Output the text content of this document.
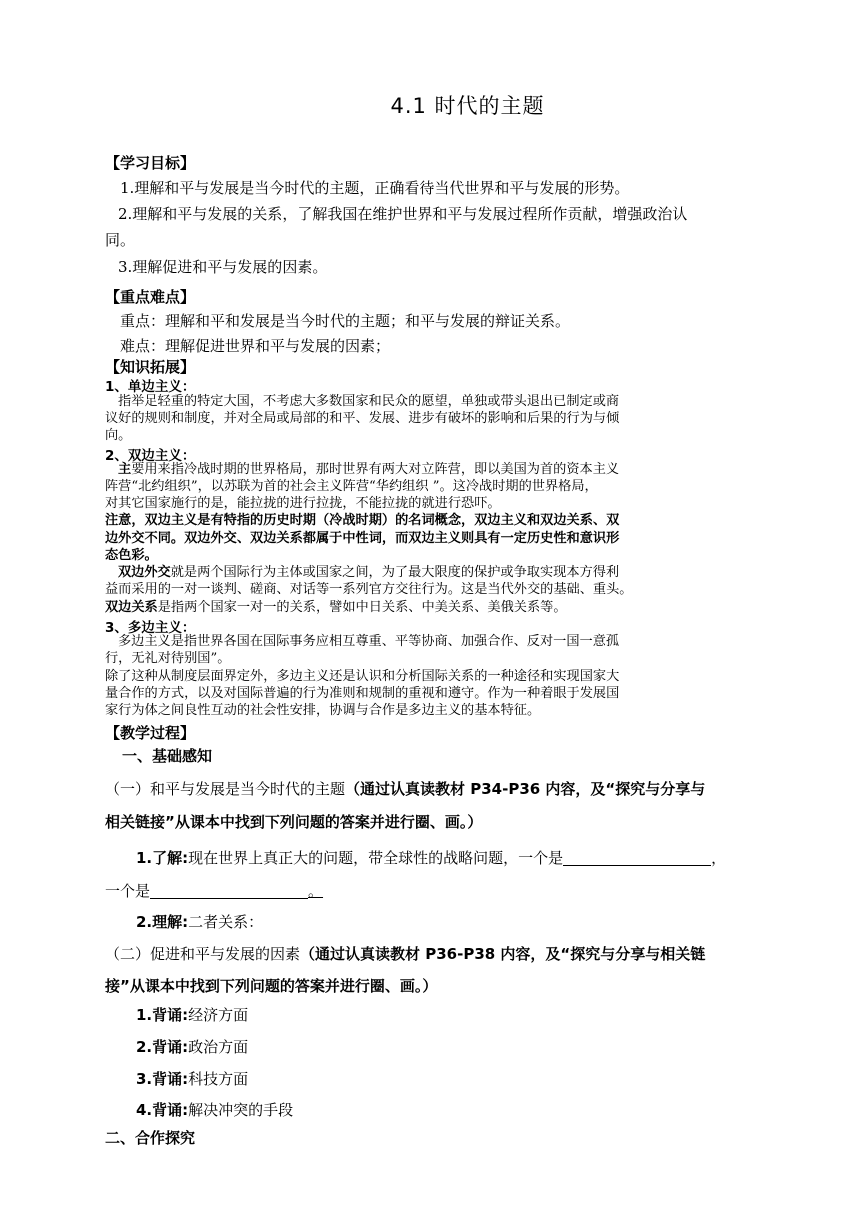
4.1 时代的主题
【学习目标】
1.理解和平与发展是当今时代的主题，正确看待当代世界和平与发展的形势。
2.理解和平与发展的关系，了解我国在维护世界和平与发展过程所作贡献，增强政治认
同。
3.理解促进和平与发展的因素。
【重点难点】
重点：理解和平和发展是当今时代的主题；和平与发展的辩证关系。
难点：理解促进世界和平与发展的因素；
【知识拓展】
1、单边主义：
指举足轻重的特定大国，不考虑大多数国家和民众的愿望，单独或带头退出已制定或商
议好的规则和制度，并对全局或局部的和平、发展、进步有破坏的影响和后果的行为与倾
向。
2、双边主义：
主要用来指冷战时期的世界格局，那时世界有两大对立阵营，即以美国为首的资本主义
阵营“北约组织”，以苏联为首的社会主义阵营“华约组织 ”。这冷战时期的世界格局，
对其它国家施行的是，能拉拢的进行拉拢，不能拉拢的就进行恐吓。
注意，双边主义是有特指的历史时期（冷战时期）的名词概念，双边主义和双边关系、双
边外交不同。双边外交、双边关系都属于中性词，而双边主义则具有一定历史性和意识形
态色彩。
双边外交就是两个国际行为主体或国家之间，为了最大限度的保护或争取实现本方得利
益而采用的一对一谈判、磋商、对话等一系列官方交往行为。这是当代外交的基础、重头。
双边关系是指两个国家一对一的关系，譬如中日关系、中美关系、美俄关系等。
3、多边主义：
多边主义是指世界各国在国际事务应相互尊重、平等协商、加强合作、反对一国一意孤
行，无礼对待别国”。
除了这种从制度层面界定外，多边主义还是认识和分析国际关系的一种途径和实现国家大
量合作的方式，以及对国际普遍的行为准则和规制的重视和遵守。作为一种着眼于发展国
家行为体之间良性互动的社会性安排，协调与合作是多边主义的基本特征。
【教学过程】
一、基础感知
（一）和平与发展是当今时代的主题（通过认真读教材 P34-P36 内容，及“探究与分享与
相关链接”从课本中找到下列问题的答案并进行圈、画。）
1.了解:现在世界上真正大的问题，带全球性的战略问题，一个是	，
一个是	。
2.理解:二者关系：
（二）促进和平与发展的因素（通过认真读教材 P36-P38 内容，及“探究与分享与相关链
接”从课本中找到下列问题的答案并进行圈、画。）
1.背诵:经济方面
2.背诵:政治方面
3.背诵:科技方面
4.背诵:解决冲突的手段
二、合作探究
